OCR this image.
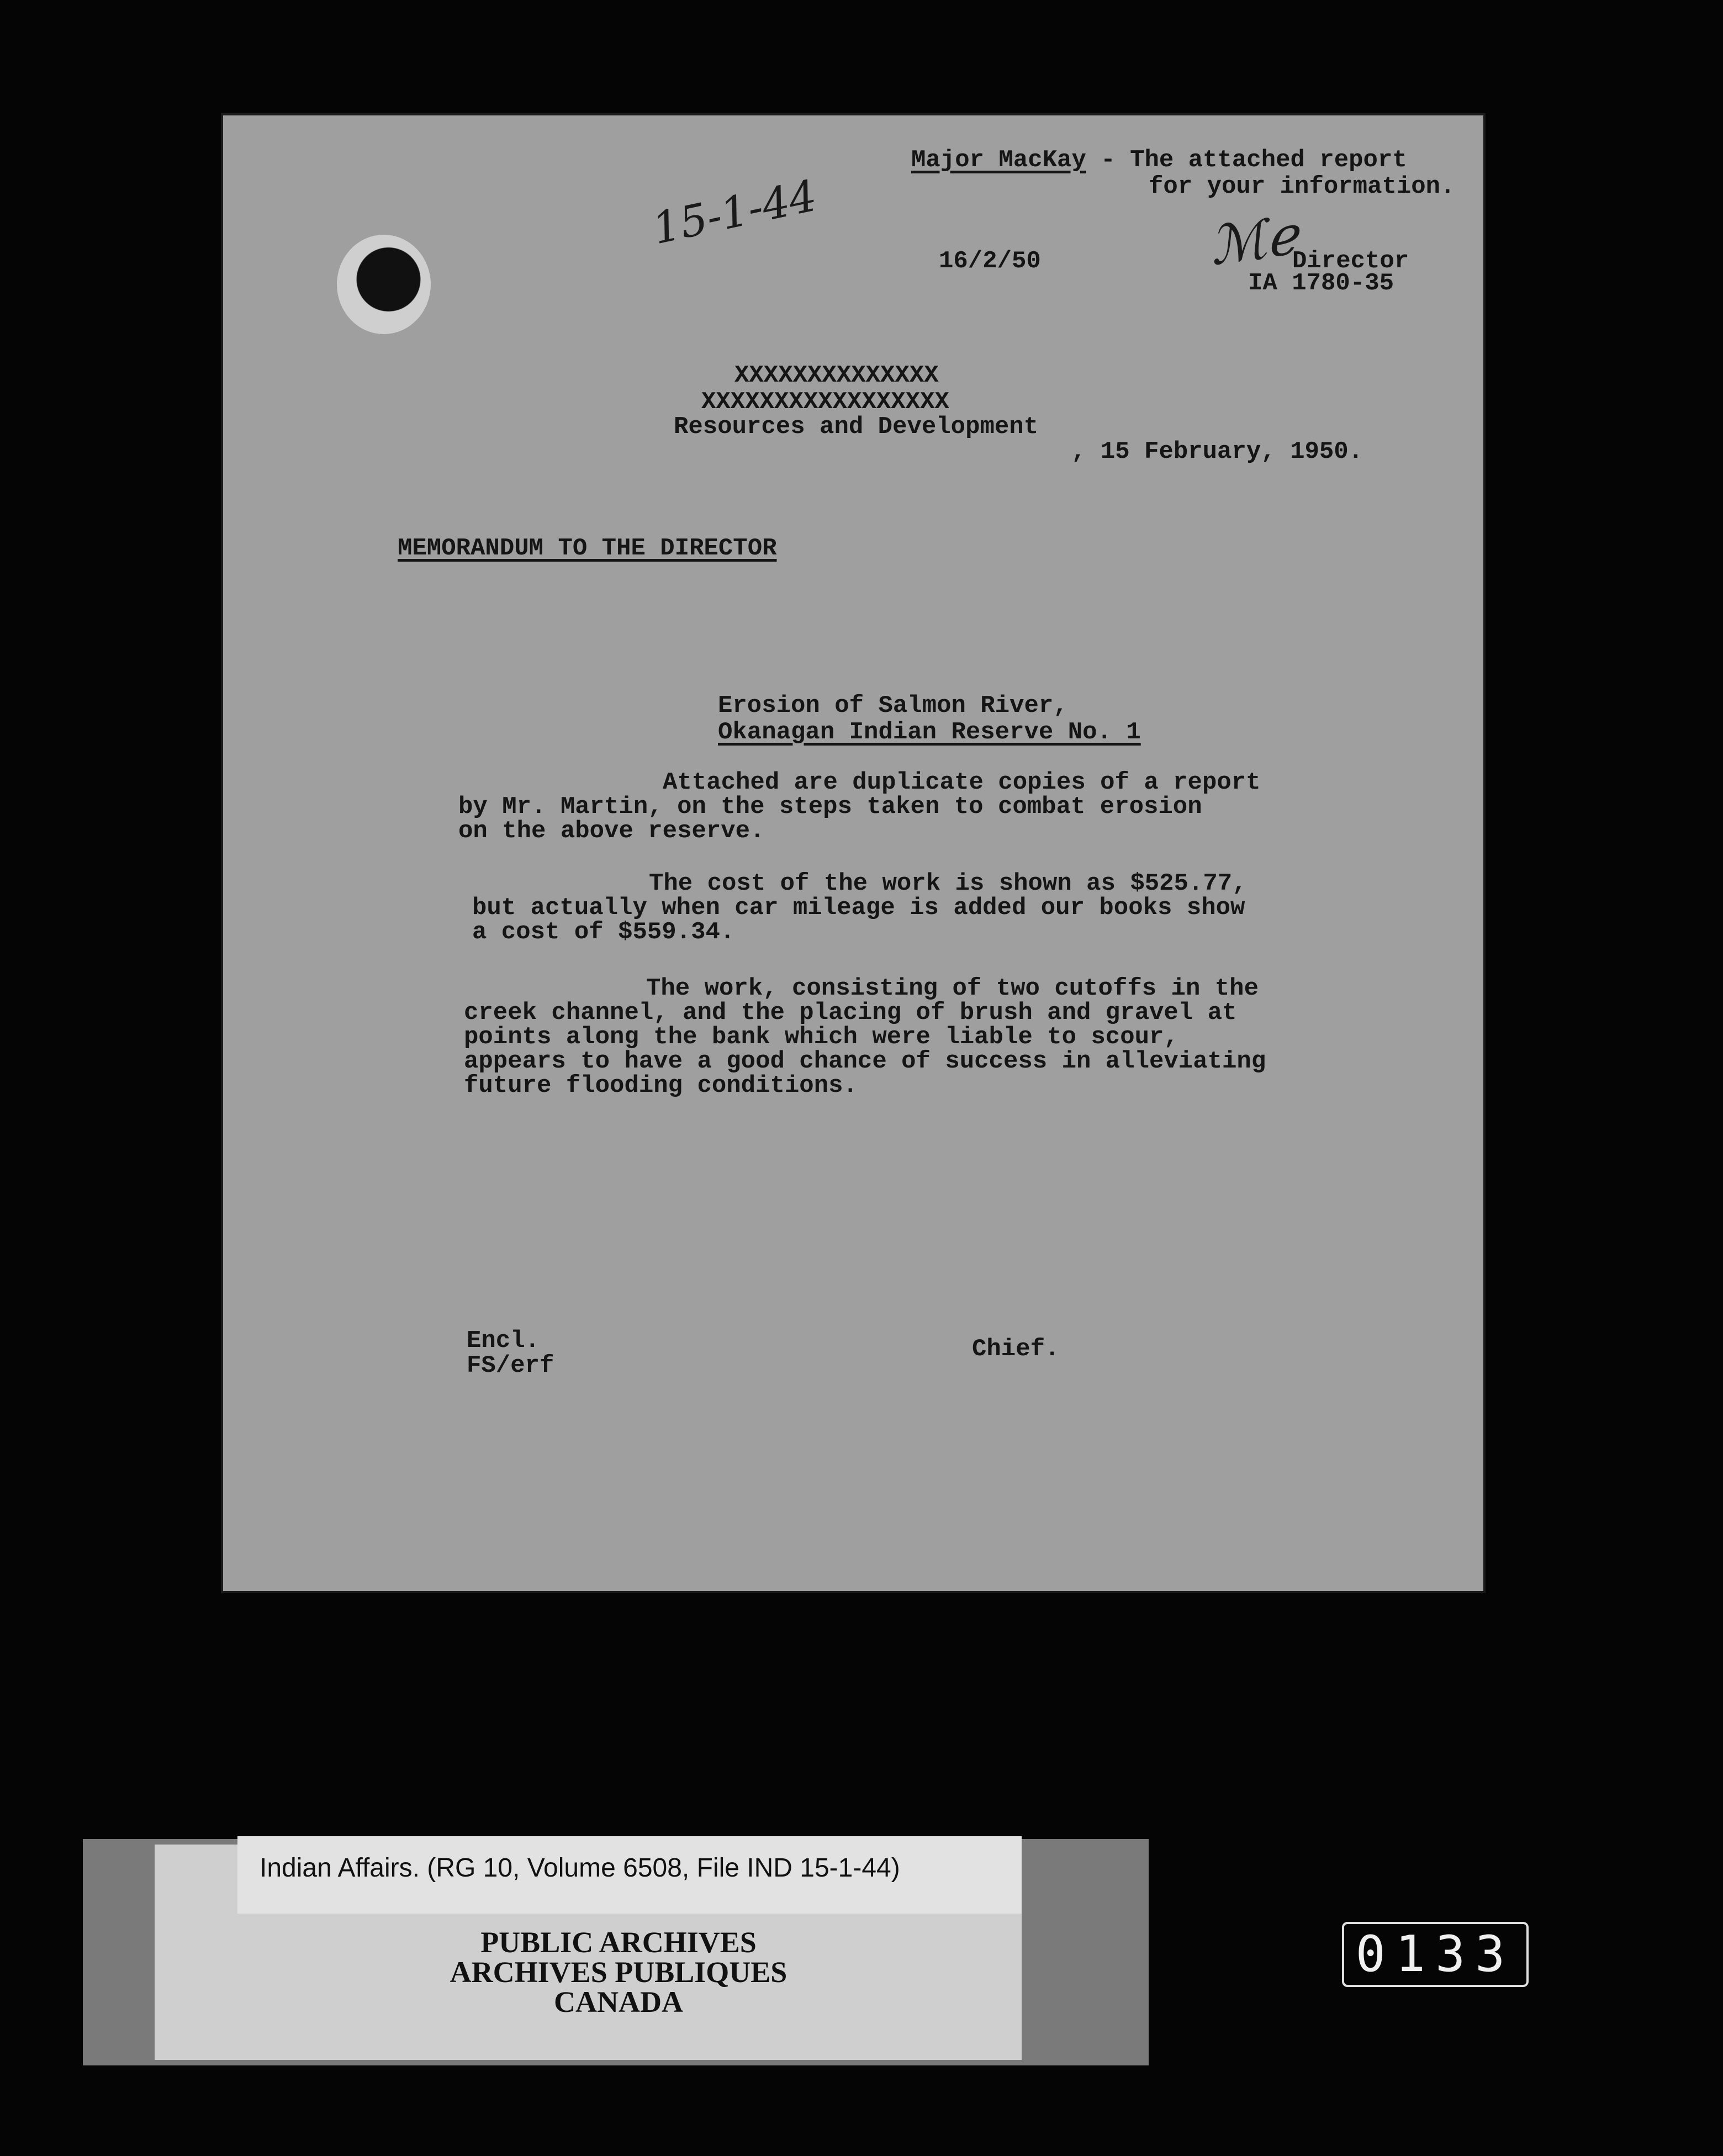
Major MacKay - The attached report
for your information.
15-1-44
16/2/50	ℳℯ
Director
IA 1780-35
XXXXXXXXXXXXXX
XXXXXXXXXXXXXXXXX
Resources and Development
, 15 February, 1950.
MEMORANDUM TO THE DIRECTOR
Erosion of Salmon River,
Okanagan Indian Reserve No. 1

Attached are duplicate copies of a report

by Mr. Martin, on the steps taken to combat erosion

on the above reserve.

The cost of the work is shown as $525.77,

but actually when car mileage is added our books show

a cost of $559.34.

The work, consisting of two cutoffs in the

creek channel, and the placing of brush and gravel at

points along the bank which were liable to scour,

appears to have a good chance of success in alleviating

future flooding conditions.

Encl.
FS/erf
Chief.
Indian Affairs. (RG 10, Volume 6508, File IND 15-1-44)
PUBLIC ARCHIVES
ARCHIVES PUBLIQUES
CANADA
0133
